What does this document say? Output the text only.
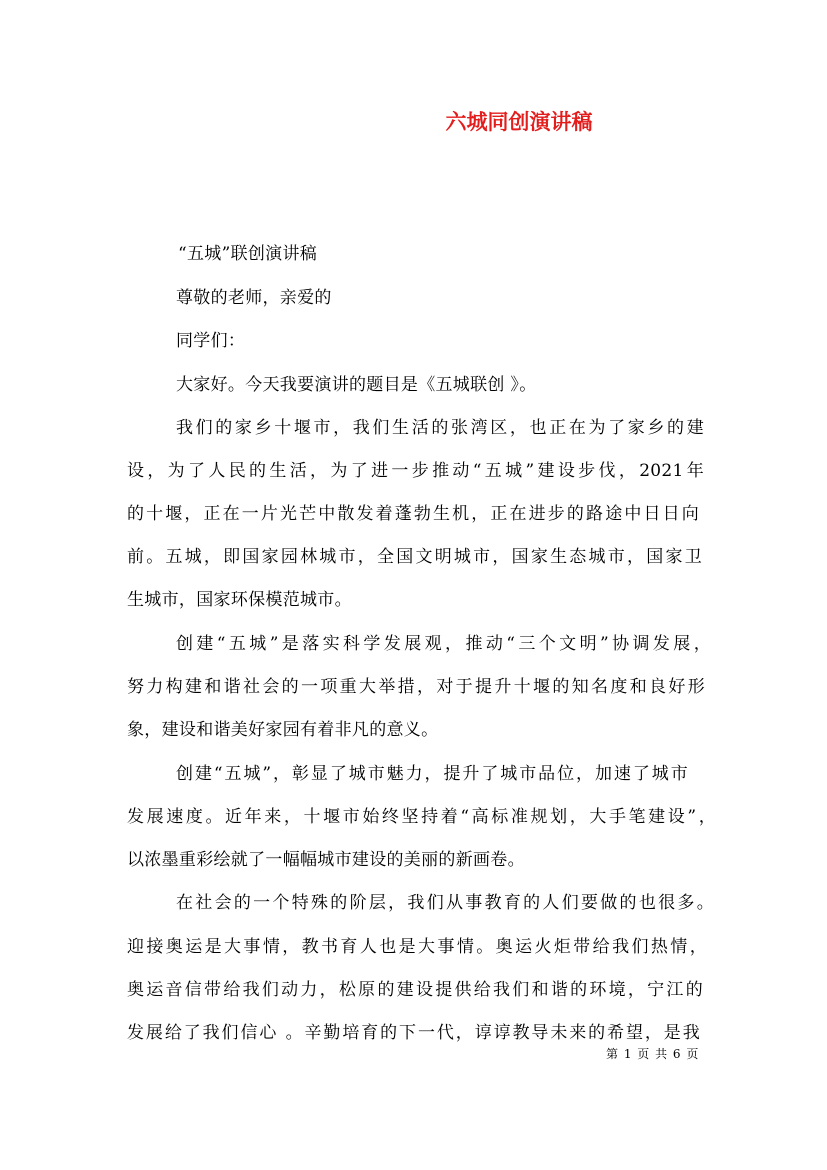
六城同创演讲稿
“五城”联创演讲稿
尊敬的老师，亲爱的
同学们：
大家好。今天我要演讲的题目是《五城联创 》。
我们的家乡十堰市，我们生活的张湾区，也正在为了家乡的建
设，为了人民的生活，为了进一步推动“五城”建设步伐，2021年
的十堰，正在一片光芒中散发着蓬勃生机，正在进步的路途中日日向
前。五城，即国家园林城市，全国文明城市，国家生态城市，国家卫
生城市，国家环保模范城市。
创建“五城”是落实科学发展观，推动“三个文明”协调发展，
努力构建和谐社会的一项重大举措，对于提升十堰的知名度和良好形
象，建设和谐美好家园有着非凡的意义。
创建“五城”，彰显了城市魅力，提升了城市品位，加速了城市
发展速度。近年来，十堰市始终坚持着“高标准规划，大手笔建设”，
以浓墨重彩绘就了一幅幅城市建设的美丽的新画卷。
在社会的一个特殊的阶层，我们从事教育的人们要做的也很多。
迎接奥运是大事情，教书育人也是大事情。奥运火炬带给我们热情，
奥运音信带给我们动力，松原的建设提供给我们和谐的环境，宁江的
发展给了我们信心 。辛勤培育的下一代，谆谆教导未来的希望，是我
第 1 页 共 6 页
